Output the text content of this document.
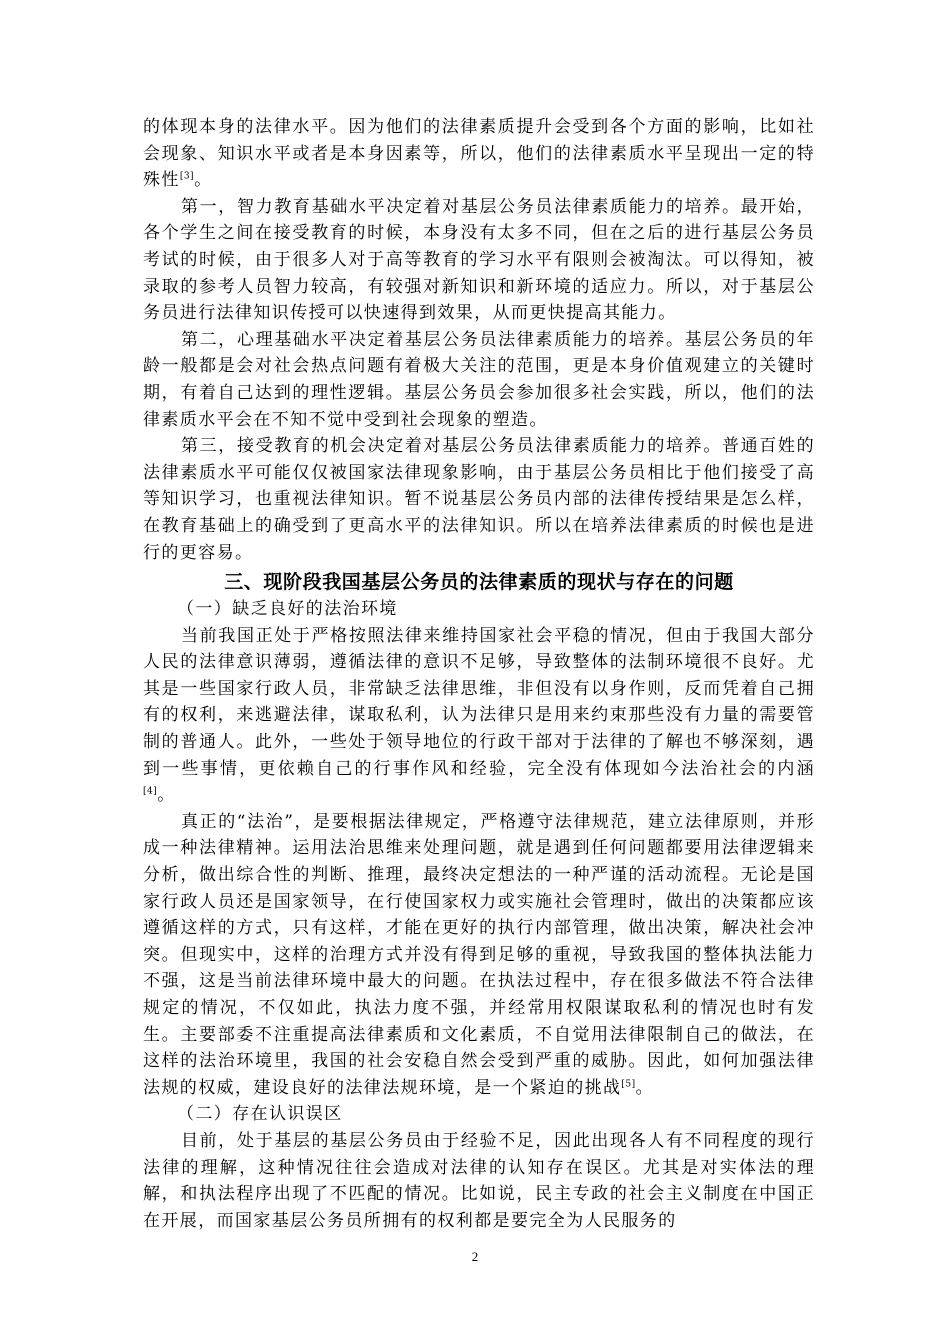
的体现本身的法律水平。因为他们的法律素质提升会受到各个方面的影响，比如社会现象、知识水平或者是本身因素等，所以，他们的法律素质水平呈现出一定的特殊性[3]。

第一，智力教育基础水平决定着对基层公务员法律素质能力的培养。最开始，各个学生之间在接受教育的时候，本身没有太多不同，但在之后的进行基层公务员考试的时候，由于很多人对于高等教育的学习水平有限则会被淘汰。可以得知，被录取的参考人员智力较高，有较强对新知识和新环境的适应力。所以，对于基层公务员进行法律知识传授可以快速得到效果，从而更快提高其能力。

第二，心理基础水平决定着基层公务员法律素质能力的培养。基层公务员的年龄一般都是会对社会热点问题有着极大关注的范围，更是本身价值观建立的关键时期，有着自己达到的理性逻辑。基层公务员会参加很多社会实践，所以，他们的法律素质水平会在不知不觉中受到社会现象的塑造。

第三，接受教育的机会决定着对基层公务员法律素质能力的培养。普通百姓的法律素质水平可能仅仅被国家法律现象影响，由于基层公务员相比于他们接受了高等知识学习，也重视法律知识。暂不说基层公务员内部的法律传授结果是怎么样，在教育基础上的确受到了更高水平的法律知识。所以在培养法律素质的时候也是进行的更容易。

三、现阶段我国基层公务员的法律素质的现状与存在的问题

（一）缺乏良好的法治环境

当前我国正处于严格按照法律来维持国家社会平稳的情况，但由于我国大部分人民的法律意识薄弱，遵循法律的意识不足够，导致整体的法制环境很不良好。尤其是一些国家行政人员，非常缺乏法律思维，非但没有以身作则，反而凭着自己拥有的权利，来逃避法律，谋取私利，认为法律只是用来约束那些没有力量的需要管制的普通人。此外，一些处于领导地位的行政干部对于法律的了解也不够深刻，遇到一些事情，更依赖自己的行事作风和经验，完全没有体现如今法治社会的内涵[4]。

真正的“法治”，是要根据法律规定，严格遵守法律规范，建立法律原则，并形成一种法律精神。运用法治思维来处理问题，就是遇到任何问题都要用法律逻辑来分析，做出综合性的判断、推理，最终决定想法的一种严谨的活动流程。无论是国家行政人员还是国家领导，在行使国家权力或实施社会管理时，做出的决策都应该遵循这样的方式，只有这样，才能在更好的执行内部管理，做出决策，解决社会冲突。但现实中，这样的治理方式并没有得到足够的重视，导致我国的整体执法能力不强，这是当前法律环境中最大的问题。在执法过程中，存在很多做法不符合法律规定的情况，不仅如此，执法力度不强，并经常用权限谋取私利的情况也时有发生。主要部委不注重提高法律素质和文化素质，不自觉用法律限制自己的做法，在这样的法治环境里，我国的社会安稳自然会受到严重的威胁。因此，如何加强法律法规的权威，建设良好的法律法规环境，是一个紧迫的挑战[5]。

（二）存在认识误区

目前，处于基层的基层公务员由于经验不足，因此出现各人有不同程度的现行法律的理解，这种情况往往会造成对法律的认知存在误区。尤其是对实体法的理解，和执法程序出现了不匹配的情况。比如说，民主专政的社会主义制度在中国正在开展，而国家基层公务员所拥有的权利都是要完全为人民服务的

2
